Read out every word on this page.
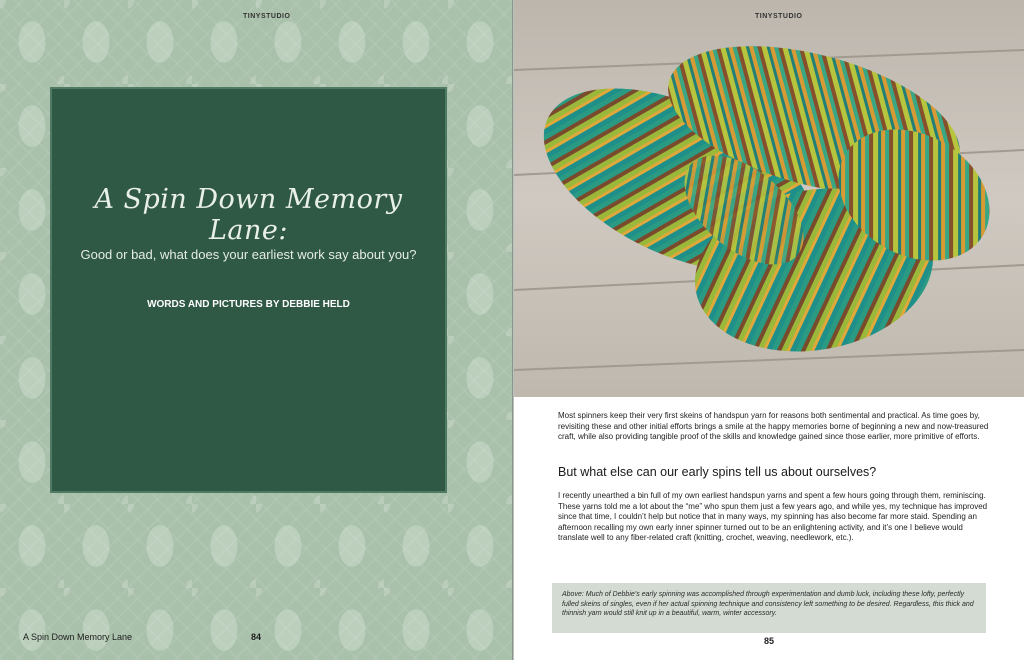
TINYSTUDIO
A Spin Down Memory Lane:
Good or bad, what does your earliest work say about you?
WORDS AND PICTURES BY DEBBIE HELD
A Spin Down Memory Lane	84
TINYSTUDIO
Most spinners keep their very first skeins of handspun yarn for reasons both sentimental and practical. As time goes by, revisiting these and other initial efforts brings a smile at the happy memories borne of beginning a new and now-treasured craft, while also providing tangible proof of the skills and knowledge gained since those earlier, more primitive of efforts.
But what else can our early spins tell us about ourselves?
I recently unearthed a bin full of my own earliest handspun yarns and spent a few hours going through them, reminiscing. These yarns told me a lot about the “me” who spun them just a few years ago, and while yes, my technique has improved since that time, I couldn’t help but notice that in many ways, my spinning has also become far more staid. Spending an afternoon recalling my own early inner spinner turned out to be an enlightening activity, and it’s one I believe would translate well to any fiber-related craft (knitting, crochet, weaving, needlework, etc.).
Above: Much of Debbie’s early spinning was accomplished through experimentation and dumb luck, including these lofty, perfectly fulled skeins of singles, even if her actual spinning technique and consistency left something to be desired. Regardless, this thick and thinnish yarn would still knit up in a beautiful, warm, winter accessory.
85
